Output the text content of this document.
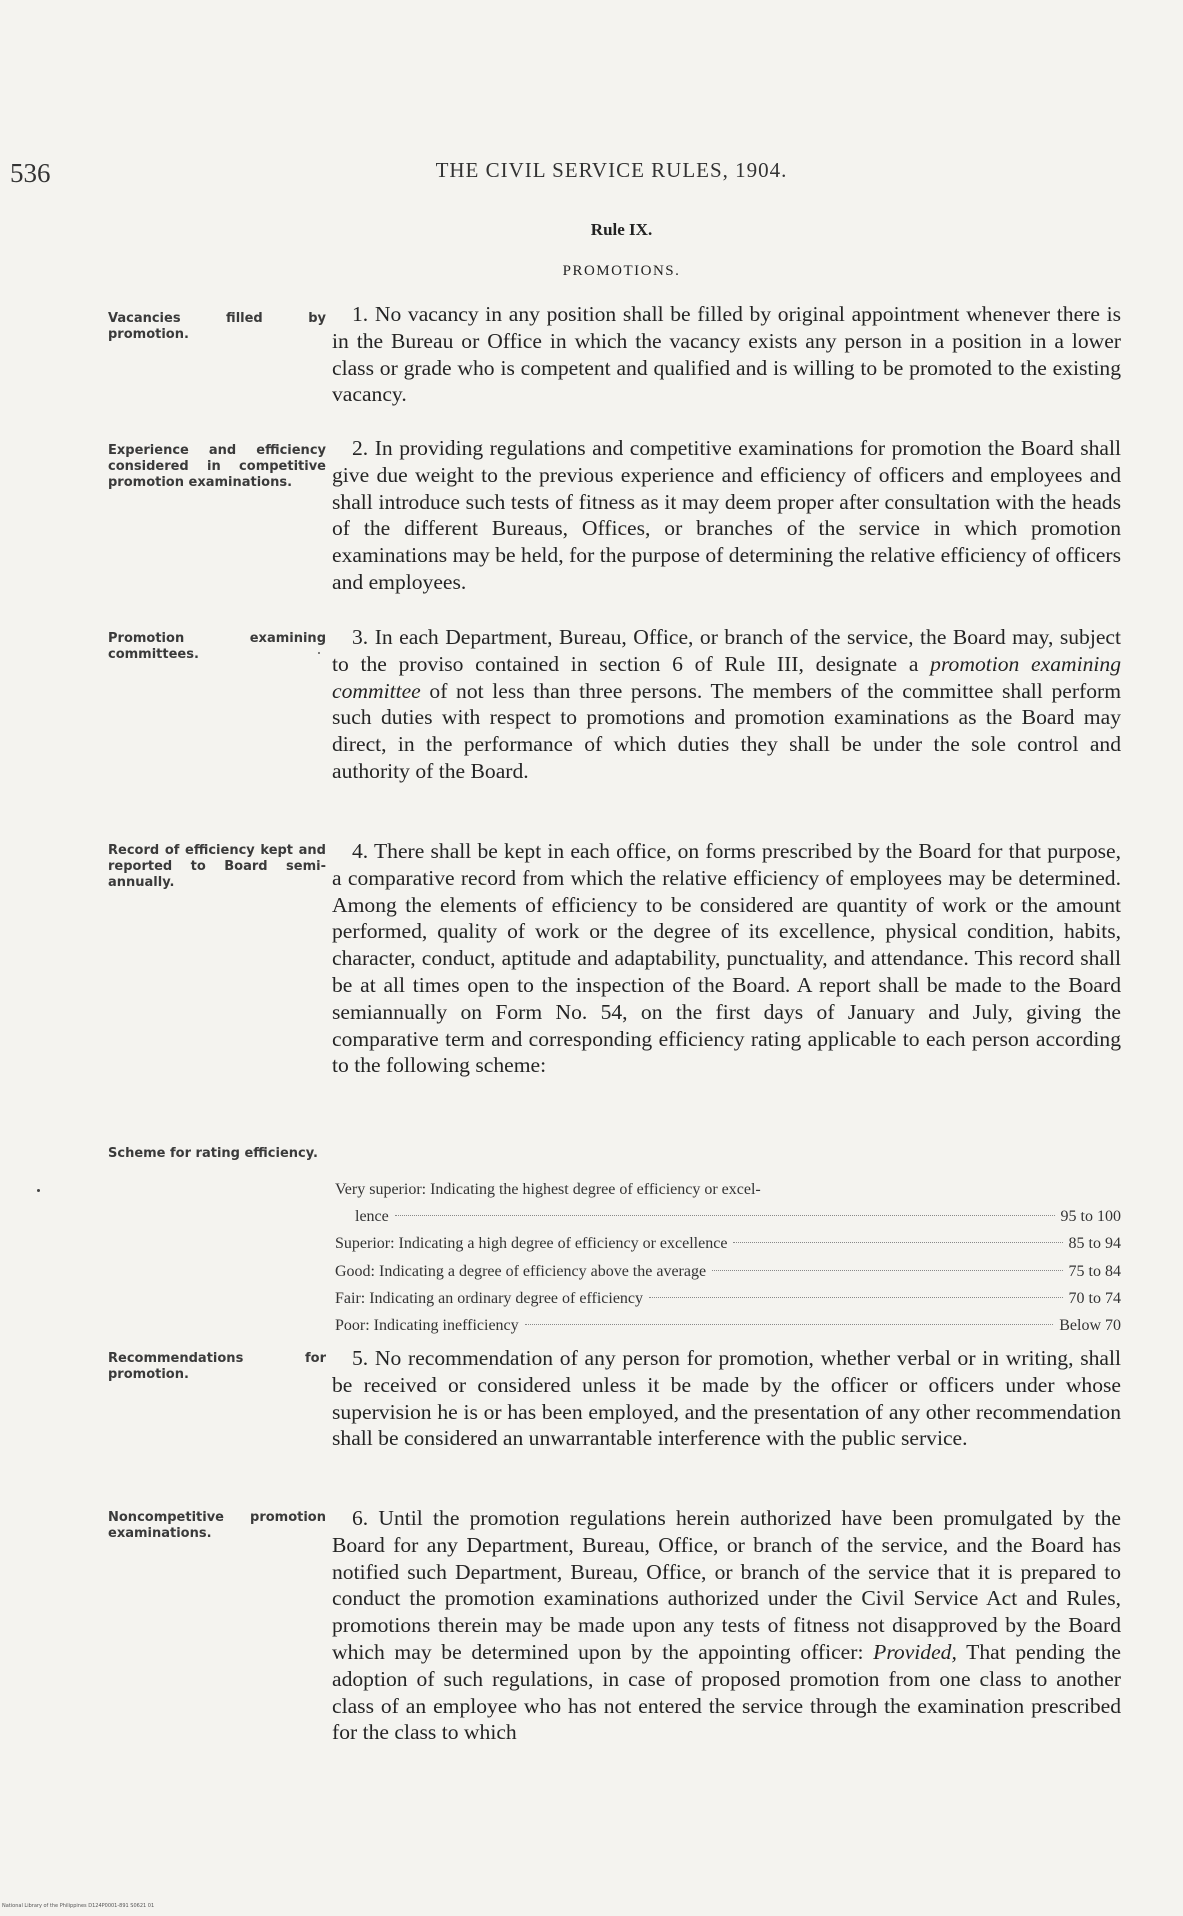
536	THE CIVIL SERVICE RULES, 1904.
Rule IX.
PROMOTIONS.
Vacancies filled by promotion.
Experience and efficiency considered in competitive promotion examinations.
Promotion examining committees.
Record of efficiency kept and reported to Board semi-annually.
Scheme for rating efficiency.
Recommendations for promotion.
Noncompetitive promotion examinations.
1. No vacancy in any position shall be filled by original appointment whenever there is in the Bureau or Office in which the vacancy exists any person in a position in a lower class or grade who is competent and qualified and is willing to be promoted to the existing vacancy.
2. In providing regulations and competitive examinations for promotion the Board shall give due weight to the previous experience and efficiency of officers and employees and shall introduce such tests of fitness as it may deem proper after consultation with the heads of the different Bureaus, Offices, or branches of the service in which promotion examinations may be held, for the purpose of determining the relative efficiency of officers and employees.
3. In each Department, Bureau, Office, or branch of the service, the Board may, subject to the proviso contained in section 6 of Rule III, designate a promotion examining committee of not less than three persons. The members of the committee shall perform such duties with respect to promotions and promotion examinations as the Board may direct, in the performance of which duties they shall be under the sole control and authority of the Board.
4. There shall be kept in each office, on forms prescribed by the Board for that purpose, a comparative record from which the relative efficiency of employees may be determined. Among the elements of efficiency to be considered are quantity of work or the amount performed, quality of work or the degree of its excellence, physical condition, habits, character, conduct, aptitude and adaptability, punctuality, and attendance. This record shall be at all times open to the inspection of the Board. A report shall be made to the Board semiannually on Form No. 54, on the first days of January and July, giving the comparative term and corresponding efficiency rating applicable to each person according to the following scheme:
Very superior: Indicating the highest degree of efficiency or excel-
lence	95 to 100
Superior: Indicating a high degree of efficiency or excellence	85 to 94
Good: Indicating a degree of efficiency above the average	75 to 84
Fair: Indicating an ordinary degree of efficiency	70 to 74
Poor: Indicating inefficiency	Below 70
5. No recommendation of any person for promotion, whether verbal or in writing, shall be received or considered unless it be made by the officer or officers under whose supervision he is or has been employed, and the presentation of any other recommendation shall be considered an unwarrantable interference with the public service.
6. Until the promotion regulations herein authorized have been promulgated by the Board for any Department, Bureau, Office, or branch of the service, and the Board has notified such Department, Bureau, Office, or branch of the service that it is prepared to conduct the promotion examinations authorized under the Civil Service Act and Rules, promotions therein may be made upon any tests of fitness not disapproved by the Board which may be determined upon by the appointing officer: Provided, That pending the adoption of such regulations, in case of proposed promotion from one class to another class of an employee who has not entered the service through the examination prescribed for the class to which
National Library of the Philippines D124P0001-891 S0621 01
